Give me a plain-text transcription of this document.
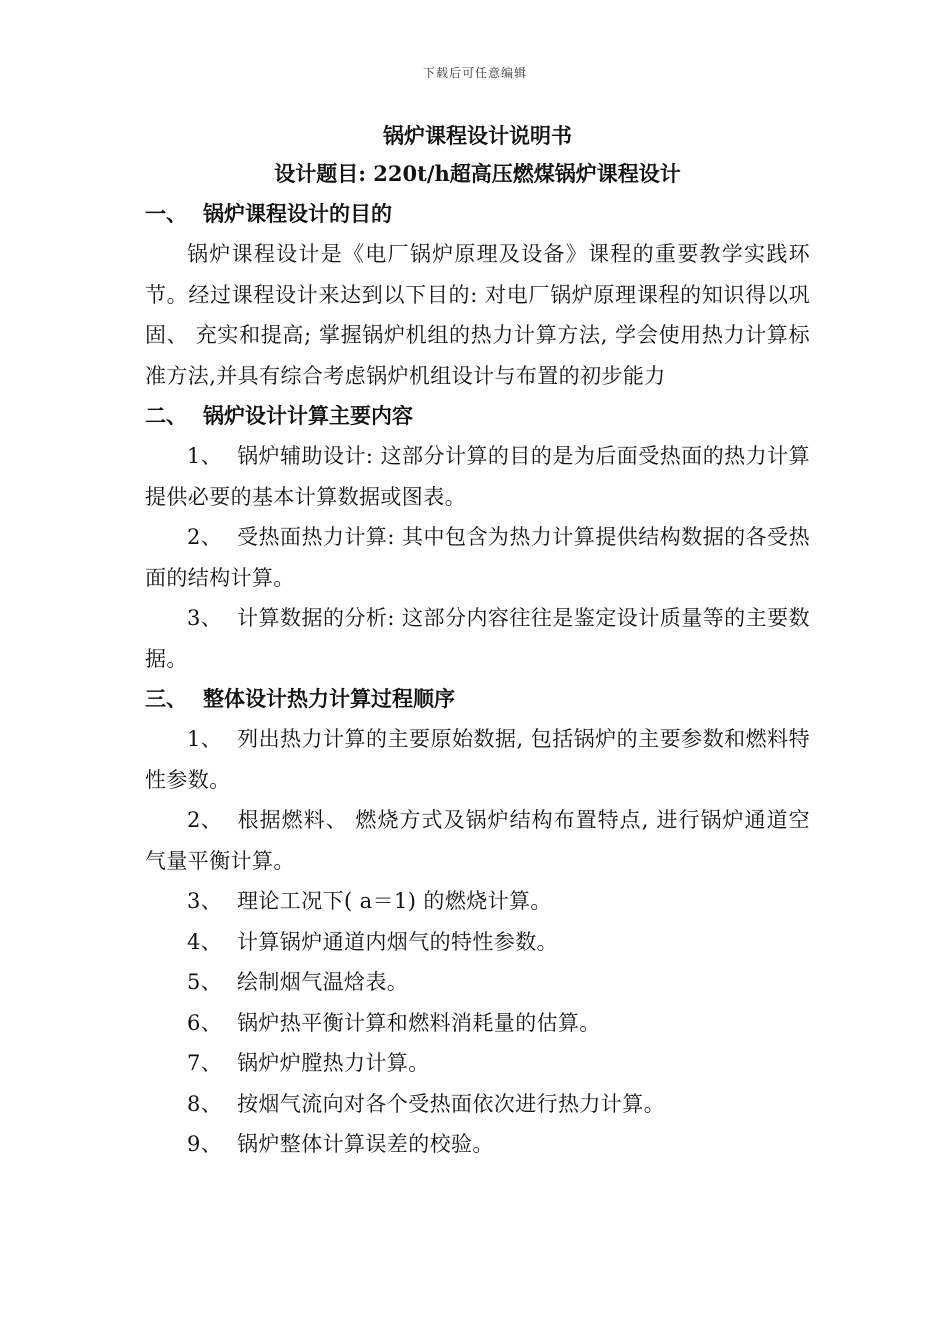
下载后可任意编辑

锅炉课程设计说明书

设计题目: 220t/h超高压燃煤锅炉课程设计

一、 锅炉课程设计的目的

锅炉课程设计是《电厂锅炉原理及设备》课程的重要教学实践环节。经过课程设计来达到以下目的: 对电厂锅炉原理课程的知识得以巩固、 充实和提高; 掌握锅炉机组的热力计算方法, 学会使用热力计算标准方法,并具有综合考虑锅炉机组设计与布置的初步能力

二、 锅炉设计计算主要内容

1、 锅炉辅助设计: 这部分计算的目的是为后面受热面的热力计算提供必要的基本计算数据或图表。

2、 受热面热力计算: 其中包含为热力计算提供结构数据的各受热面的结构计算。

3、 计算数据的分析: 这部分内容往往是鉴定设计质量等的主要数据。

三、 整体设计热力计算过程顺序

1、 列出热力计算的主要原始数据, 包括锅炉的主要参数和燃料特性参数。

2、 根据燃料、 燃烧方式及锅炉结构布置特点, 进行锅炉通道空气量平衡计算。

3、 理论工况下( a＝1) 的燃烧计算。

4、 计算锅炉通道内烟气的特性参数。

5、 绘制烟气温焓表。

6、 锅炉热平衡计算和燃料消耗量的估算。

7、 锅炉炉膛热力计算。

8、 按烟气流向对各个受热面依次进行热力计算。

9、 锅炉整体计算误差的校验。
